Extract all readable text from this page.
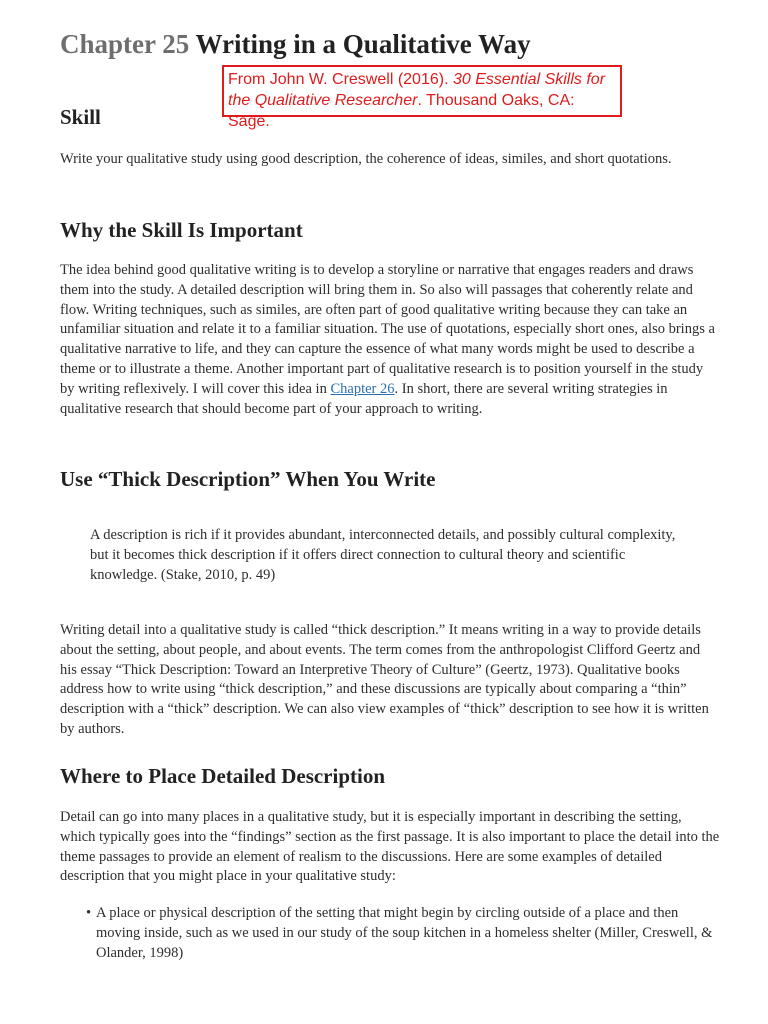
Chapter 25 Writing in a Qualitative Way
From John W. Creswell (2016). 30 Essential Skills for the Qualitative Researcher. Thousand Oaks, CA: Sage.
Skill

Write your qualitative study using good description, the coherence of ideas, similes, and short quotations.

Why the Skill Is Important

The idea behind good qualitative writing is to develop a storyline or narrative that engages readers and draws them into the study. A detailed description will bring them in. So also will passages that coherently relate and flow. Writing techniques, such as similes, are often part of good qualitative writing because they can take an unfamiliar situation and relate it to a familiar situation. The use of quotations, especially short ones, also brings a qualitative narrative to life, and they can capture the essence of what many words might be used to describe a theme or to illustrate a theme. Another important part of qualitative research is to position yourself in the study by writing reflexively. I will cover this idea in Chapter 26. In short, there are several writing strategies in qualitative research that should become part of your approach to writing.

Use “Thick Description” When You Write
A description is rich if it provides abundant, interconnected details, and possibly cultural complexity, but it becomes thick description if it offers direct connection to cultural theory and scientific knowledge. (Stake, 2010, p. 49)

Writing detail into a qualitative study is called “thick description.” It means writing in a way to provide details about the setting, about people, and about events. The term comes from the anthropologist Clifford Geertz and his essay “Thick Description: Toward an Interpretive Theory of Culture” (Geertz, 1973). Qualitative books address how to write using “thick description,” and these discussions are typically about comparing a “thin” description with a “thick” description. We can also view examples of “thick” description to see how it is written by authors.

Where to Place Detailed Description

Detail can go into many places in a qualitative study, but it is especially important in describing the setting, which typically goes into the “findings” section as the first passage. It is also important to place the detail into the theme passages to provide an element of realism to the discussions. Here are some examples of detailed description that you might place in your qualitative study:

• A place or physical description of the setting that might begin by circling outside of a place and then moving inside, such as we used in our study of the soup kitchen in a homeless shelter (Miller, Creswell, & Olander, 1998)
